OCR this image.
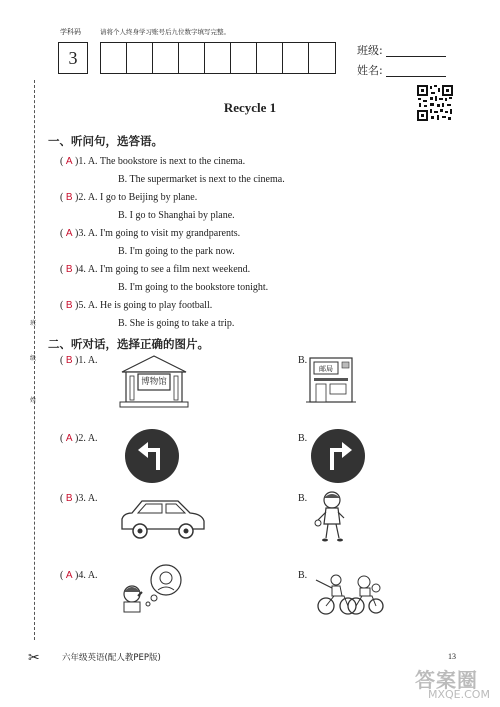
学科码	请将个人终身学习账号后九位数字填写完整。
3	班级:
姓名:
班
级
姓
Recycle 1
一、听问句，选答语。
( A )1. A. The bookstore is next to the cinema.
B. The supermarket is next to the cinema.
( B )2. A. I go to Beijing by plane.
B. I go to Shanghai by plane.
( A )3. A. I'm going to visit my grandparents.
B. I'm going to the park now.
( B )4. A. I'm going to see a film next weekend.
B. I'm going to the bookstore tonight.
( B )5. A. He is going to play football.
B. She is going to take a trip.
二、听对话，选择正确的图片。
( B )1. A.
博物馆
B.
邮局
( A )2. A.	B.
( B )3. A.	B.
( A )4. A.	B.
✂	六年级英语(配人教PEP版)	13
答案圈
MXQE.COM
